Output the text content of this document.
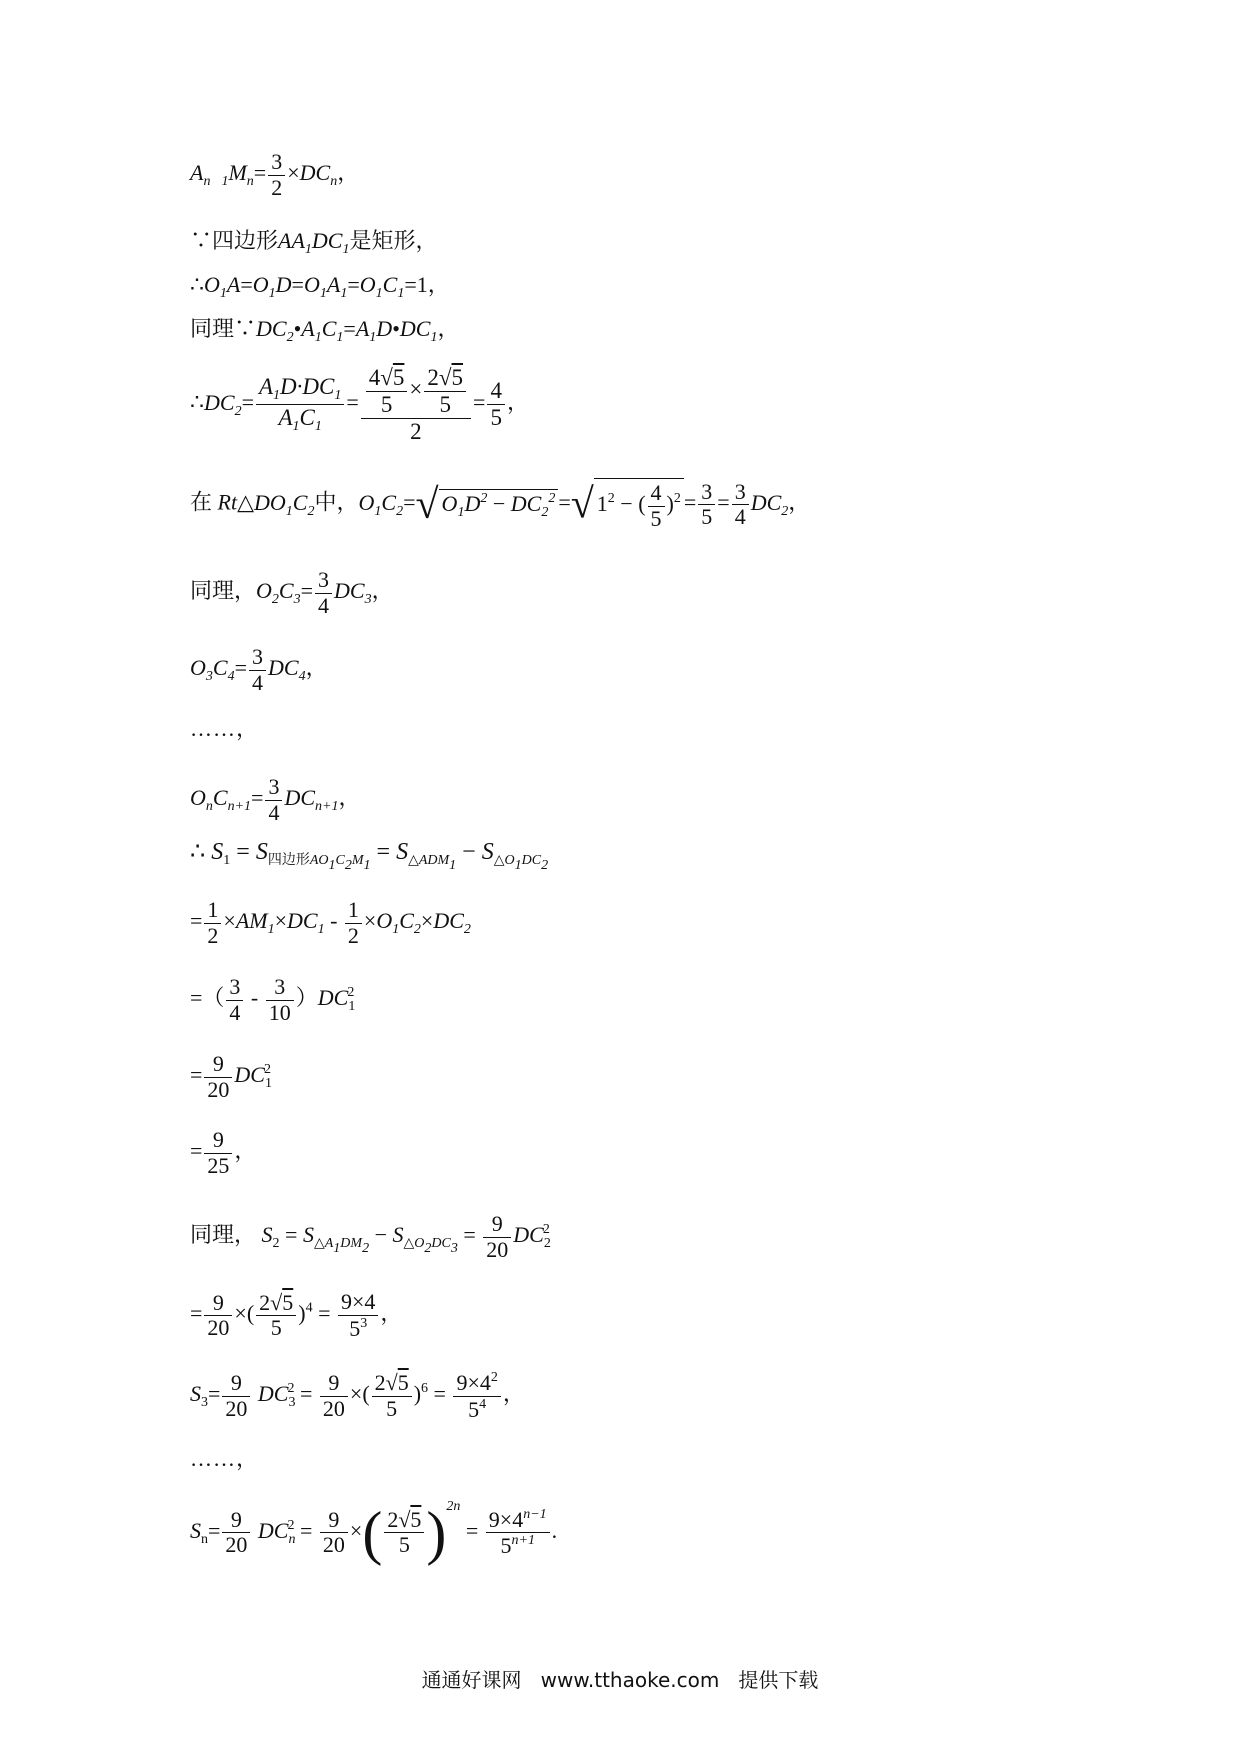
$A_n$ $_1M_n= \frac{3}{2} \times DC_n$，
∵四边形$AA_1DC_1$是矩形，
$\therefore O_1A=O_1D=O_1A_1=O_1C_1=1$，
同理$\because DC_2•A_1C_1=A_1D•DC_1$，
$\therefore DC_2= \frac{A_1D\cdot DC_1}{A_1C_1} = \frac{\frac{4√5}{5} \times \frac{2√5}{5}}{2} = \frac{4}{5}$ ，
在 $Rt\triangle DO_1C_2$中，$O_1C_2=√$ $O_1D^2 - DC_2^2$ =√ $1^2$ − ( $\frac{4}{5} )^2 = \frac{3}{5} = \frac{3}{4} DC_2$，
同理，$O_2C_3= \frac{3}{4} DC_3$，
$O_3C_4= \frac{3}{4} DC_4$，
……，
$O_nC_{n+1}= \frac{3}{4} DC_{n+1}$，
∴ $S_1 = S_{四边形AO_1C_2M_1} = S_{\triangle ADM_1} - S_{\triangle O_1DC_2}$
= $\frac{1}{2} \times AM_1\times DC_1 - \frac{1}{2} \times O_1C_2\times DC_2$
=（ $\frac{3}{4} - \frac{3}{10} )DC_1^2$
= $\frac{9}{20} DC_1^2$
= $\frac{9}{25}$ ，
同理， $S_2 = S_{\triangle A_1DM_2} - S_{\triangle O_2DC_3} = \frac{9}{20} DC_2^2$
= $\frac{9}{20}$ ×( $\frac{2√5}{5} )^4 = \frac{9\times 4}{5^3}$ ，
$S_3= \frac{9}{20} DC_3^2 = \frac{9}{20}$ ×( $\frac{2√5}{5} )^6 = \frac{9\times 4^2}{5^4}$ ，
……，
$S_n= \frac{9}{20} DC_n^2 = \frac{9}{20}$ ×( $\frac{2√5}{5} )^{2n} = \frac{9\times 4^{n-1}}{5^{n+1}}$ .
通通好课网 www.tthaoke.com 提供下载
